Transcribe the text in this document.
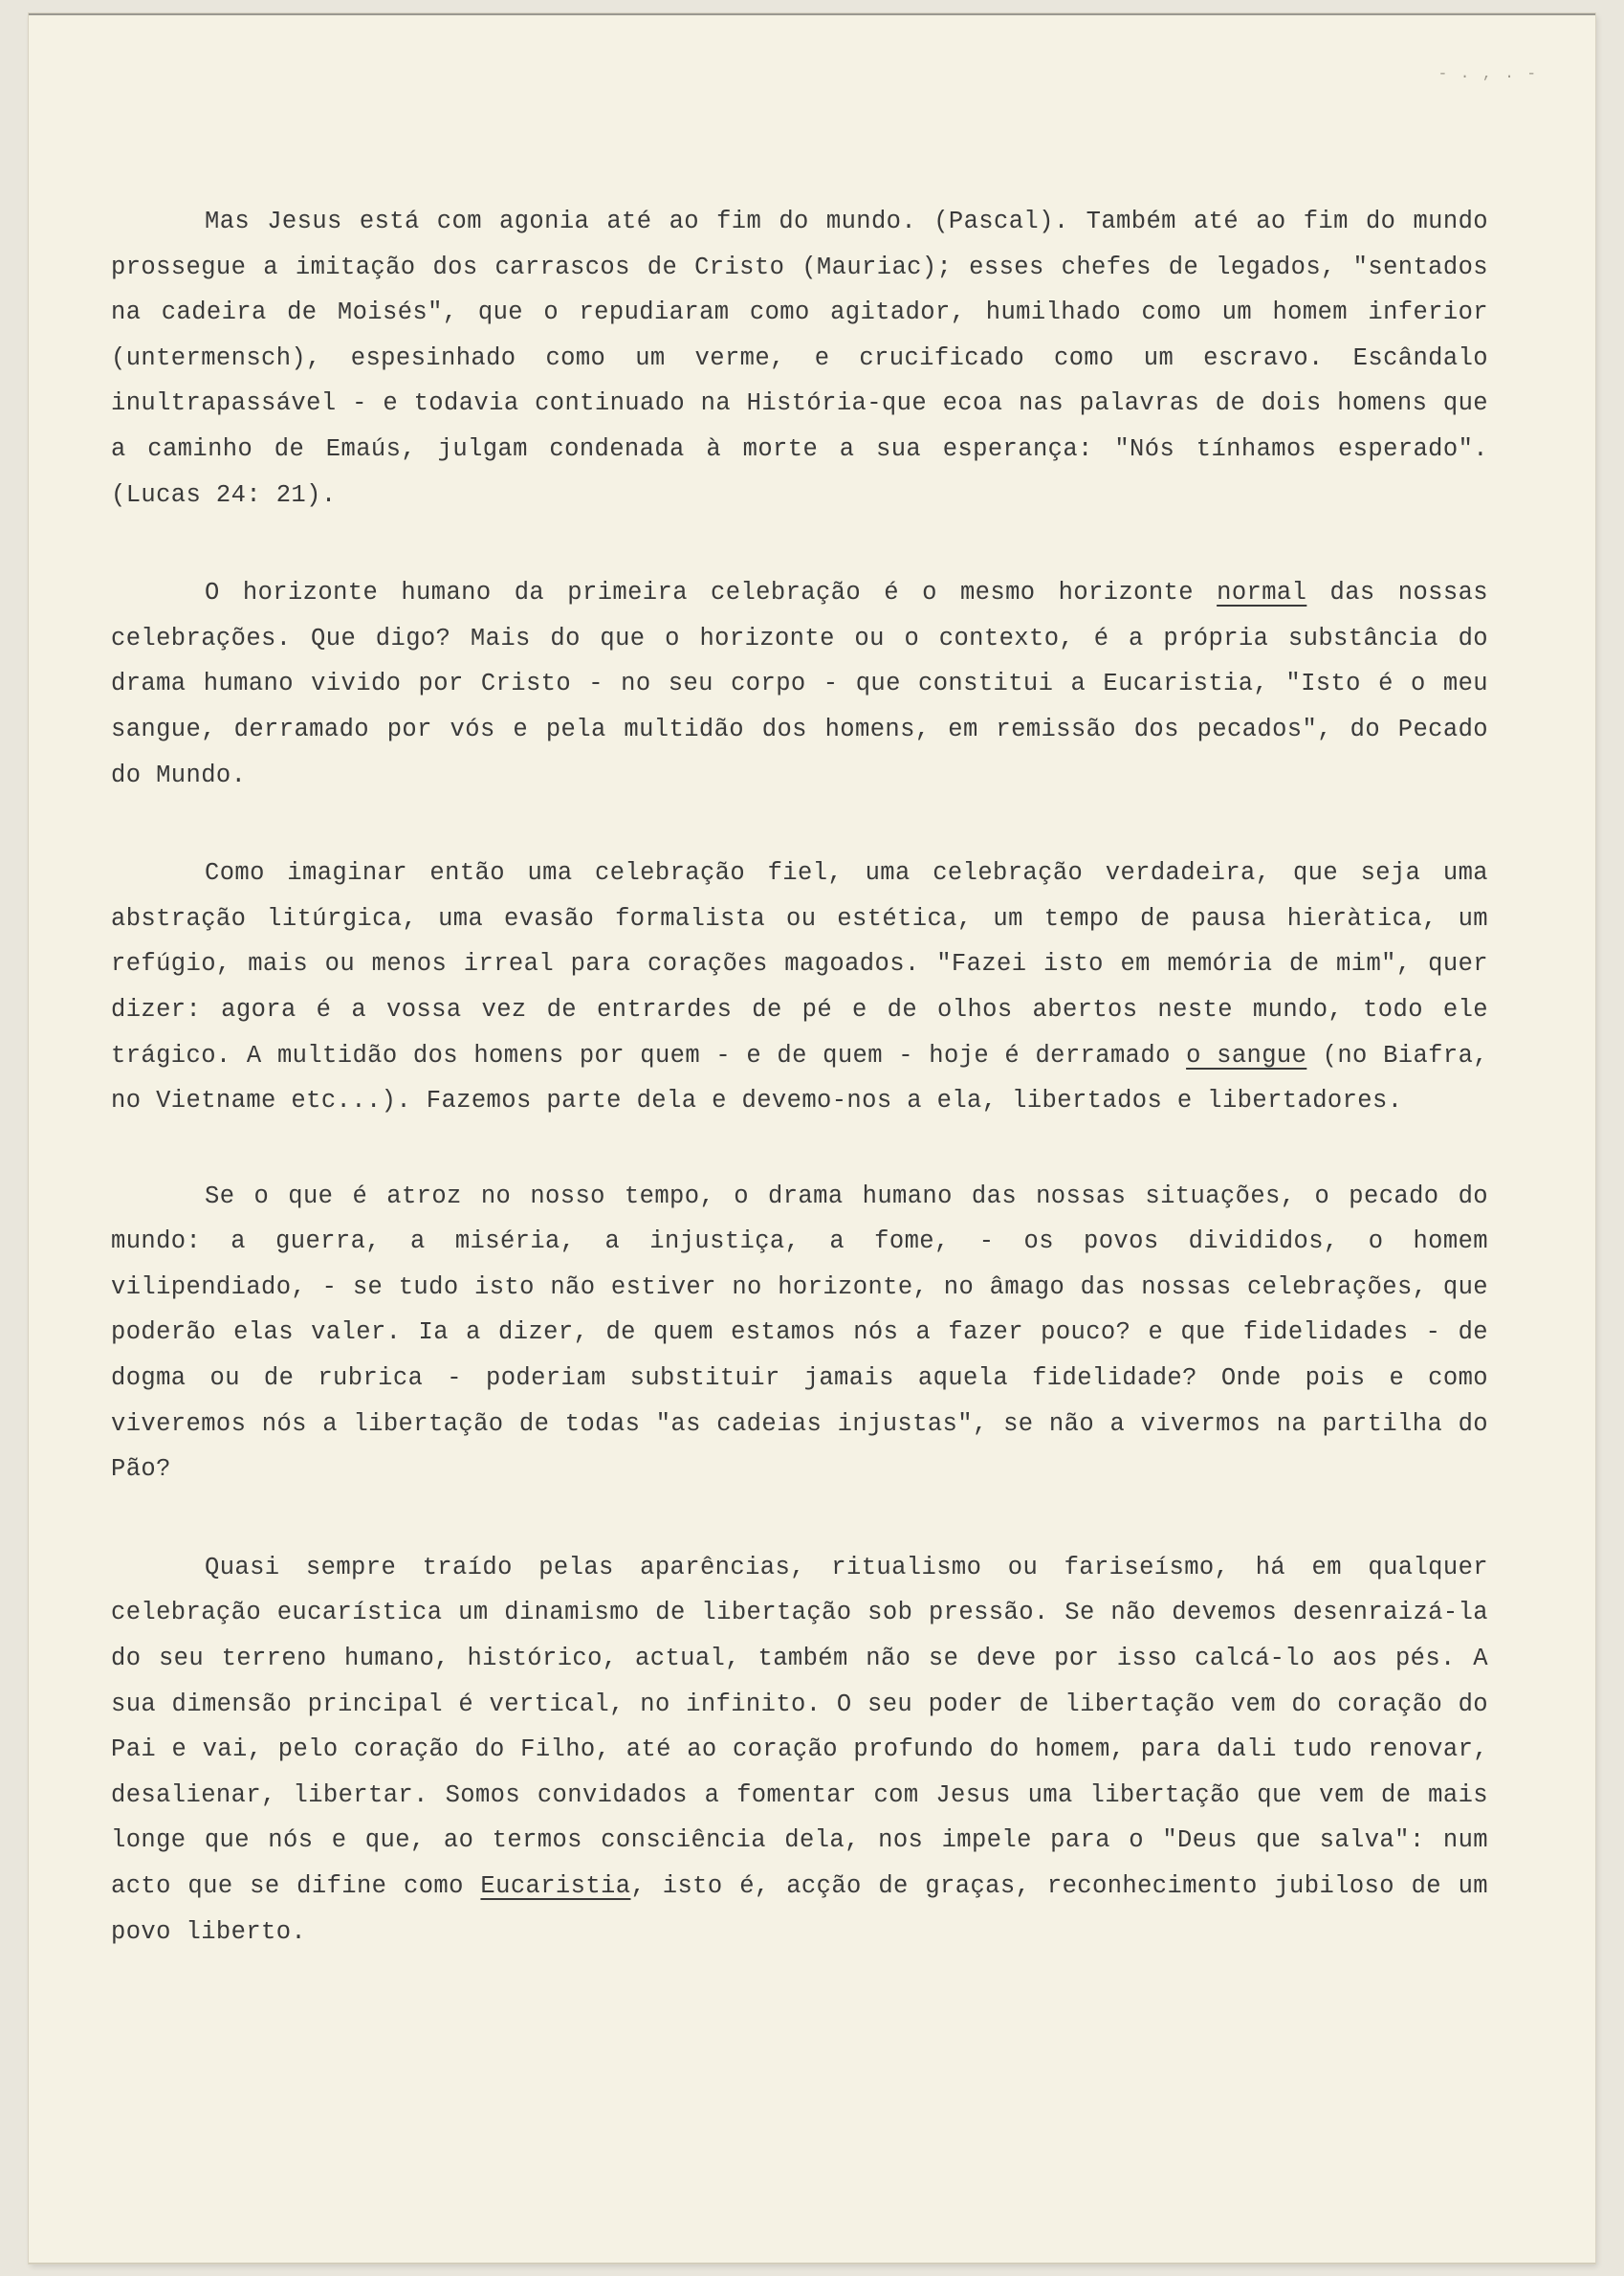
- . , . -

Mas Jesus está com agonia até ao fim do mundo. (Pascal). Também até ao fim do mundo prossegue a imitação dos carrascos de Cristo (Mauriac); esses chefes de legados, "sentados na cadeira de Moisés", que o repudiaram como agitador, humilhado como um homem inferior (untermensch), espesinhado como um verme, e crucificado como um escravo. Escândalo inultrapassável - e todavia continuado na História-que ecoa nas palavras de dois homens que a caminho de Emaús, julgam condenada à morte a sua esperança: "Nós tínhamos esperado". (Lucas 24: 21).

O horizonte humano da primeira celebração é o mesmo horizonte normal das nossas celebrações. Que digo? Mais do que o horizonte ou o contexto, é a própria substância do drama humano vivido por Cristo - no seu corpo - que constitui a Eucaristia, "Isto é o meu sangue, derramado por vós e pela multidão dos homens, em remissão dos pecados", do Pecado do Mundo.

Como imaginar então uma celebração fiel, uma celebração verdadeira, que seja uma abstração litúrgica, uma evasão formalista ou estética, um tempo de pausa hieràtica, um refúgio, mais ou menos irreal para corações magoados. "Fazei isto em memória de mim", quer dizer: agora é a vossa vez de entrardes de pé e de olhos abertos neste mundo, todo ele trágico. A multidão dos homens por quem - e de quem - hoje é derramado o sangue (no Biafra, no Vietname etc...). Fazemos parte dela e devemo-nos a ela, libertados e libertadores.

Se o que é atroz no nosso tempo, o drama humano das nossas situações, o pecado do mundo: a guerra, a miséria, a injustiça, a fome, - os povos divididos, o homem vilipendiado, - se tudo isto não estiver no horizonte, no âmago das nossas celebrações, que poderão elas valer. Ia a dizer, de quem estamos nós a fazer pouco? e que fidelidades - de dogma ou de rubrica - poderiam substituir jamais aquela fidelidade? Onde pois e como viveremos nós a libertação de todas "as cadeias injustas", se não a vivermos na partilha do Pão?

Quasi sempre traído pelas aparências, ritualismo ou fariseísmo, há em qualquer celebração eucarística um dinamismo de libertação sob pressão. Se não devemos desenraizá-la do seu terreno humano, histórico, actual, também não se deve por isso calcá-lo aos pés. A sua dimensão principal é vertical, no infinito. O seu poder de libertação vem do coração do Pai e vai, pelo coração do Filho, até ao coração profundo do homem, para dali tudo renovar, desalienar, libertar. Somos convidados a fomentar com Jesus uma libertação que vem de mais longe que nós e que, ao termos consciência dela, nos impele para o "Deus que salva": num acto que se difine como Eucaristia, isto é, acção de graças, reconhecimento jubiloso de um povo liberto.
